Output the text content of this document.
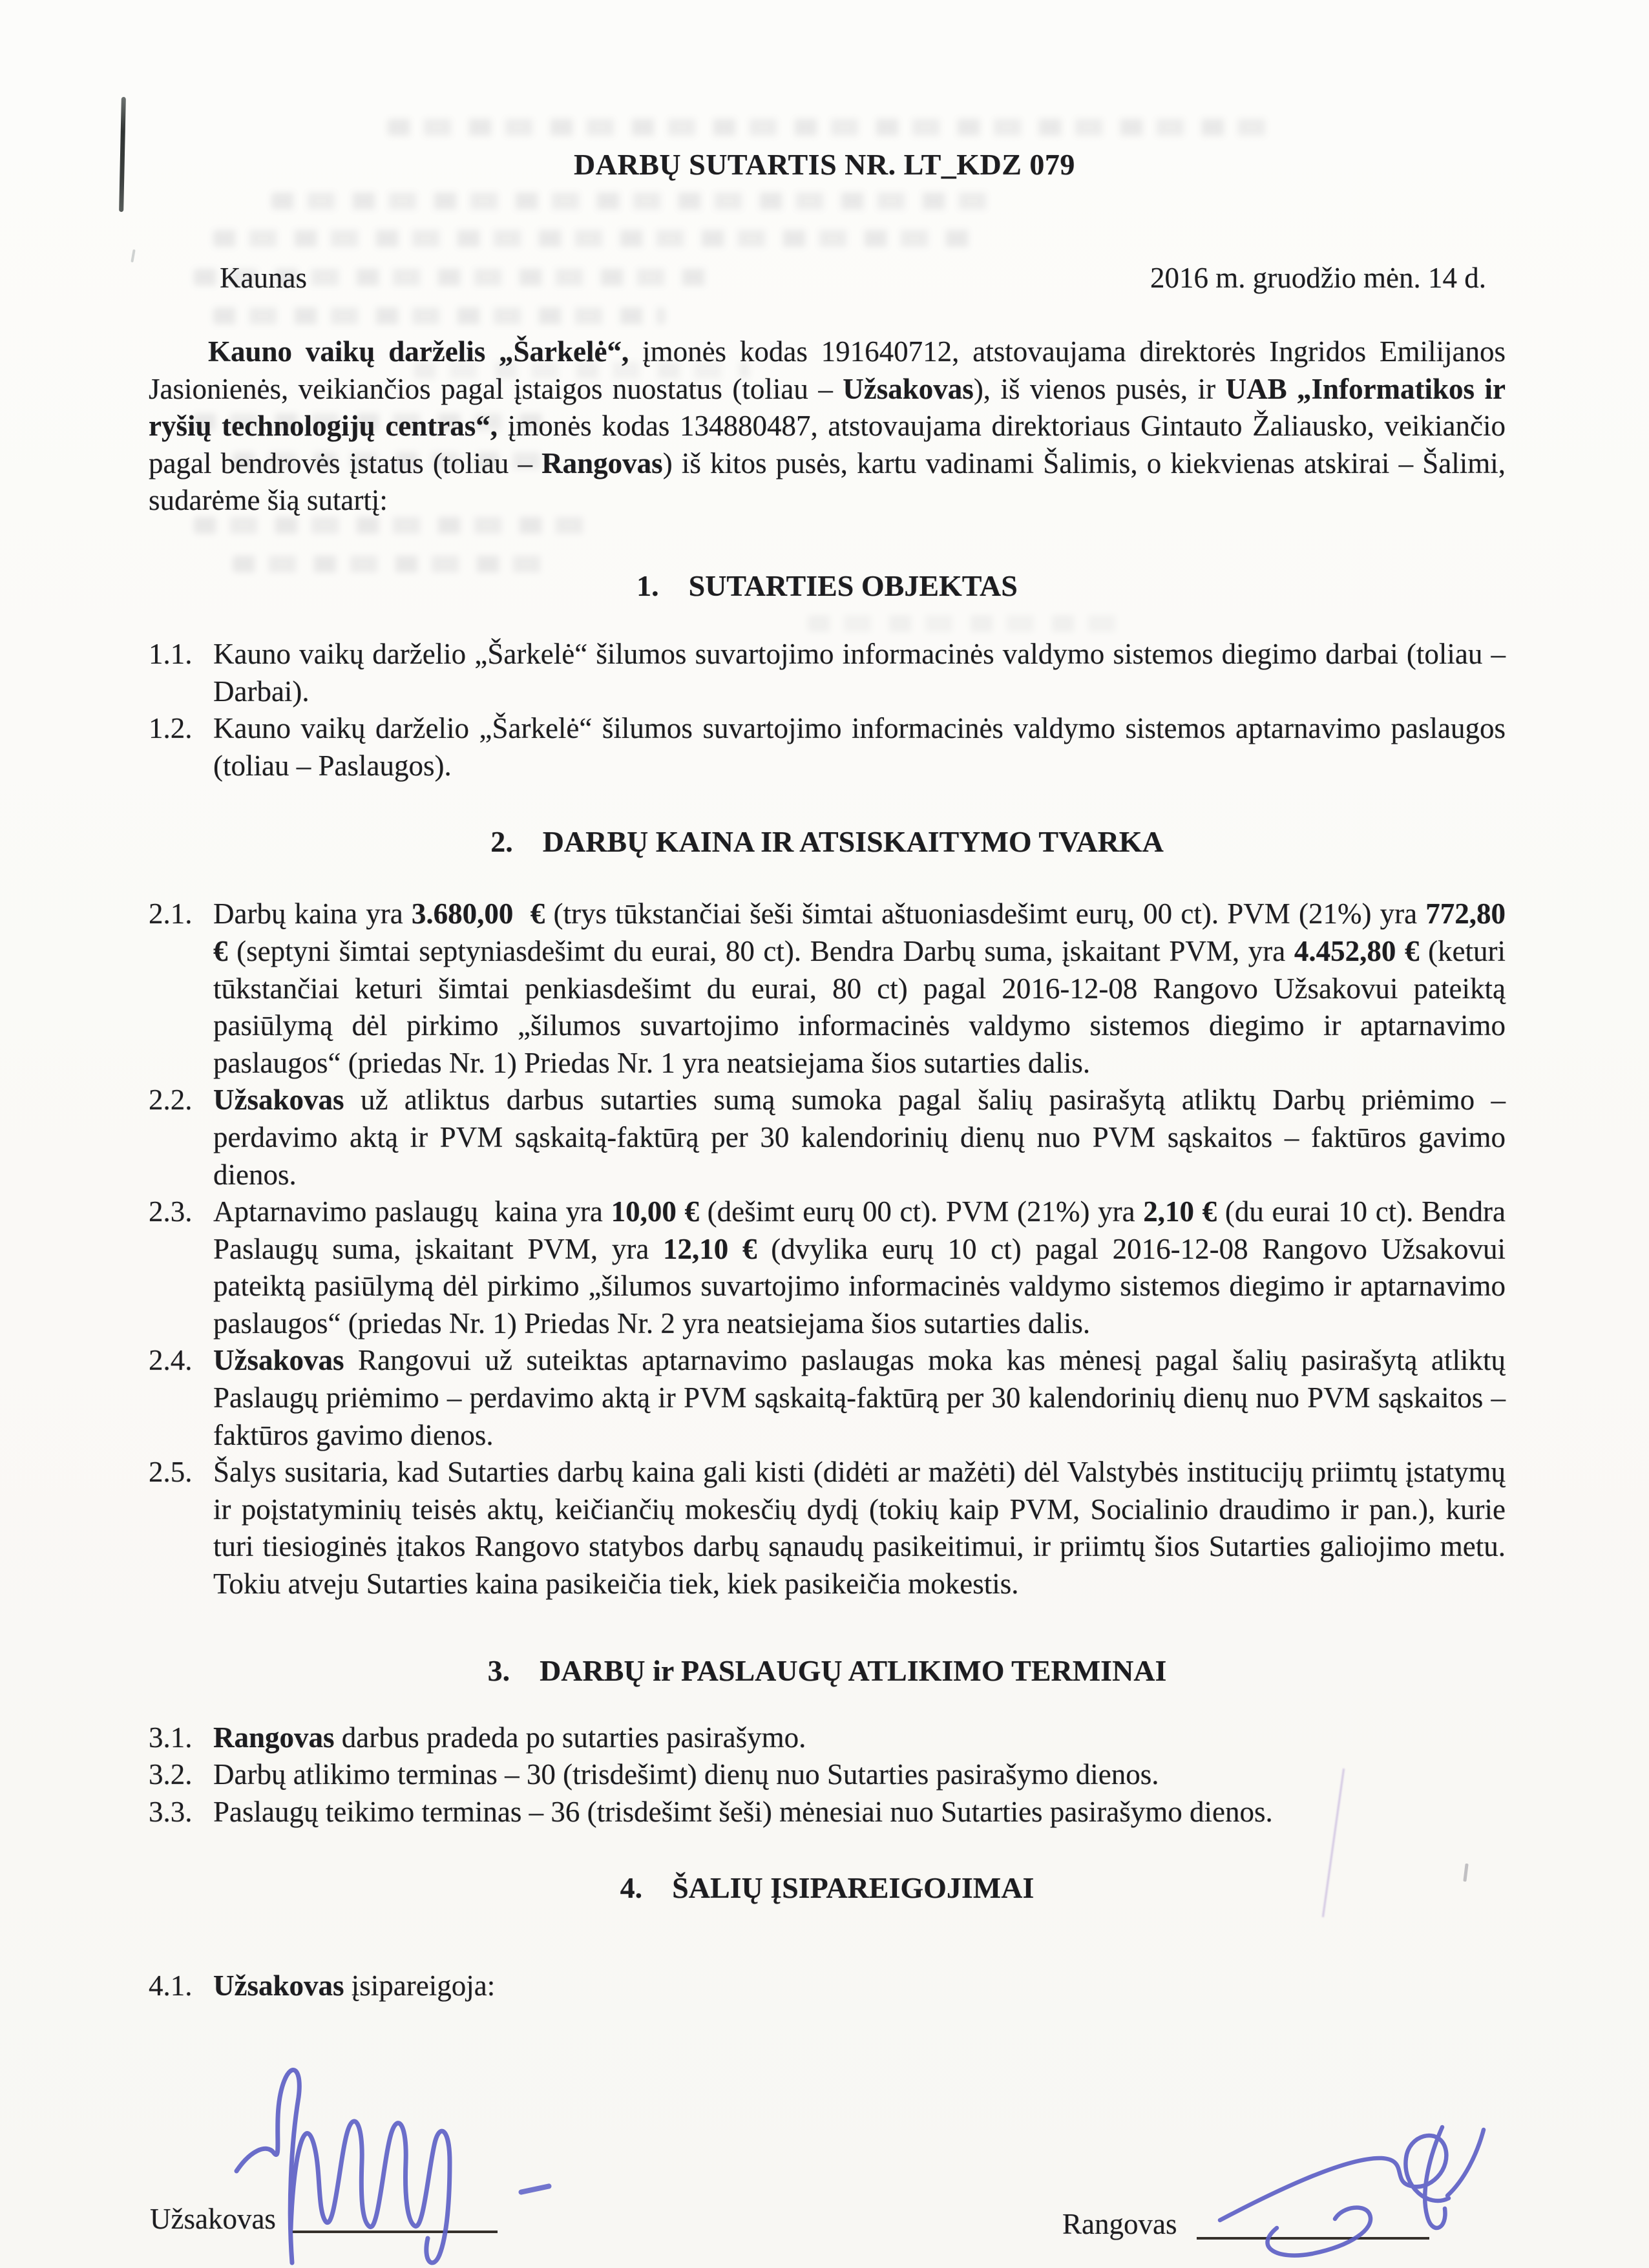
DARBŲ SUTARTIS NR. LT_KDZ 079
Kaunas	2016 m. gruodžio mėn. 14 d.

Kauno vaikų darželis „Šarkelė“, įmonės kodas 191640712, atstovaujama direktorės Ingridos Emilijanos Jasionienės, veikiančios pagal įstaigos nuostatus (toliau – Užsakovas), iš vienos pusės, ir UAB „Informatikos ir ryšių technologijų centras“, įmonės kodas 134880487, atstovaujama direktoriaus Gintauto Žaliausko, veikiančio pagal bendrovės įstatus (toliau – Rangovas) iš kitos pusės, kartu vadinami Šalimis, o kiekvienas atskirai – Šalimi, sudarėme šią sutartį:

1. SUTARTIES OBJEKTAS
1.1. Kauno vaikų darželio „Šarkelė“ šilumos suvartojimo informacinės valdymo sistemos diegimo darbai (toliau – Darbai).
1.2. Kauno vaikų darželio „Šarkelė“ šilumos suvartojimo informacinės valdymo sistemos aptarnavimo paslaugos (toliau – Paslaugos).
2. DARBŲ KAINA IR ATSISKAITYMO TVARKA
2.1. Darbų kaina yra 3.680,00  € (trys tūkstančiai šeši šimtai aštuoniasdešimt eurų, 00 ct). PVM (21%) yra 772,80 € (septyni šimtai septyniasdešimt du eurai, 80 ct). Bendra Darbų suma, įskaitant PVM, yra 4.452,80 € (keturi tūkstančiai keturi šimtai penkiasdešimt du eurai, 80 ct) pagal 2016-12-08 Rangovo Užsakovui pateiktą pasiūlymą dėl pirkimo „šilumos suvartojimo informacinės valdymo sistemos diegimo ir aptarnavimo paslaugos“ (priedas Nr. 1) Priedas Nr. 1 yra neatsiejama šios sutarties dalis.
2.2. Užsakovas už atliktus darbus sutarties sumą sumoka pagal šalių pasirašytą atliktų Darbų priėmimo – perdavimo aktą ir PVM sąskaitą-faktūrą per 30 kalendorinių dienų nuo PVM sąskaitos – faktūros gavimo dienos.
2.3. Aptarnavimo paslaugų  kaina yra 10,00 € (dešimt eurų 00 ct). PVM (21%) yra 2,10 € (du eurai 10 ct). Bendra Paslaugų suma, įskaitant PVM, yra 12,10 € (dvylika eurų 10 ct) pagal 2016-12-08 Rangovo Užsakovui pateiktą pasiūlymą dėl pirkimo „šilumos suvartojimo informacinės valdymo sistemos diegimo ir aptarnavimo paslaugos“ (priedas Nr. 1) Priedas Nr. 2 yra neatsiejama šios sutarties dalis.
2.4. Užsakovas Rangovui už suteiktas aptarnavimo paslaugas moka kas mėnesį pagal šalių pasirašytą atliktų Paslaugų priėmimo – perdavimo aktą ir PVM sąskaitą-faktūrą per 30 kalendorinių dienų nuo PVM sąskaitos – faktūros gavimo dienos.
2.5. Šalys susitaria, kad Sutarties darbų kaina gali kisti (didėti ar mažėti) dėl Valstybės institucijų priimtų įstatymų ir poįstatyminių teisės aktų, keičiančių mokesčių dydį (tokių kaip PVM, Socialinio draudimo ir pan.), kurie turi tiesioginės įtakos Rangovo statybos darbų sąnaudų pasikeitimui, ir priimtų šios Sutarties galiojimo metu. Tokiu atveju Sutarties kaina pasikeičia tiek, kiek pasikeičia mokestis.
3. DARBŲ ir PASLAUGŲ ATLIKIMO TERMINAI
3.1. Rangovas darbus pradeda po sutarties pasirašymo.
3.2. Darbų atlikimo terminas – 30 (trisdešimt) dienų nuo Sutarties pasirašymo dienos.
3.3. Paslaugų teikimo terminas – 36 (trisdešimt šeši) mėnesiai nuo Sutarties pasirašymo dienos.
4. ŠALIŲ ĮSIPAREIGOJIMAI
4.1. Užsakovas įsipareigoja:
Užsakovas	Rangovas
